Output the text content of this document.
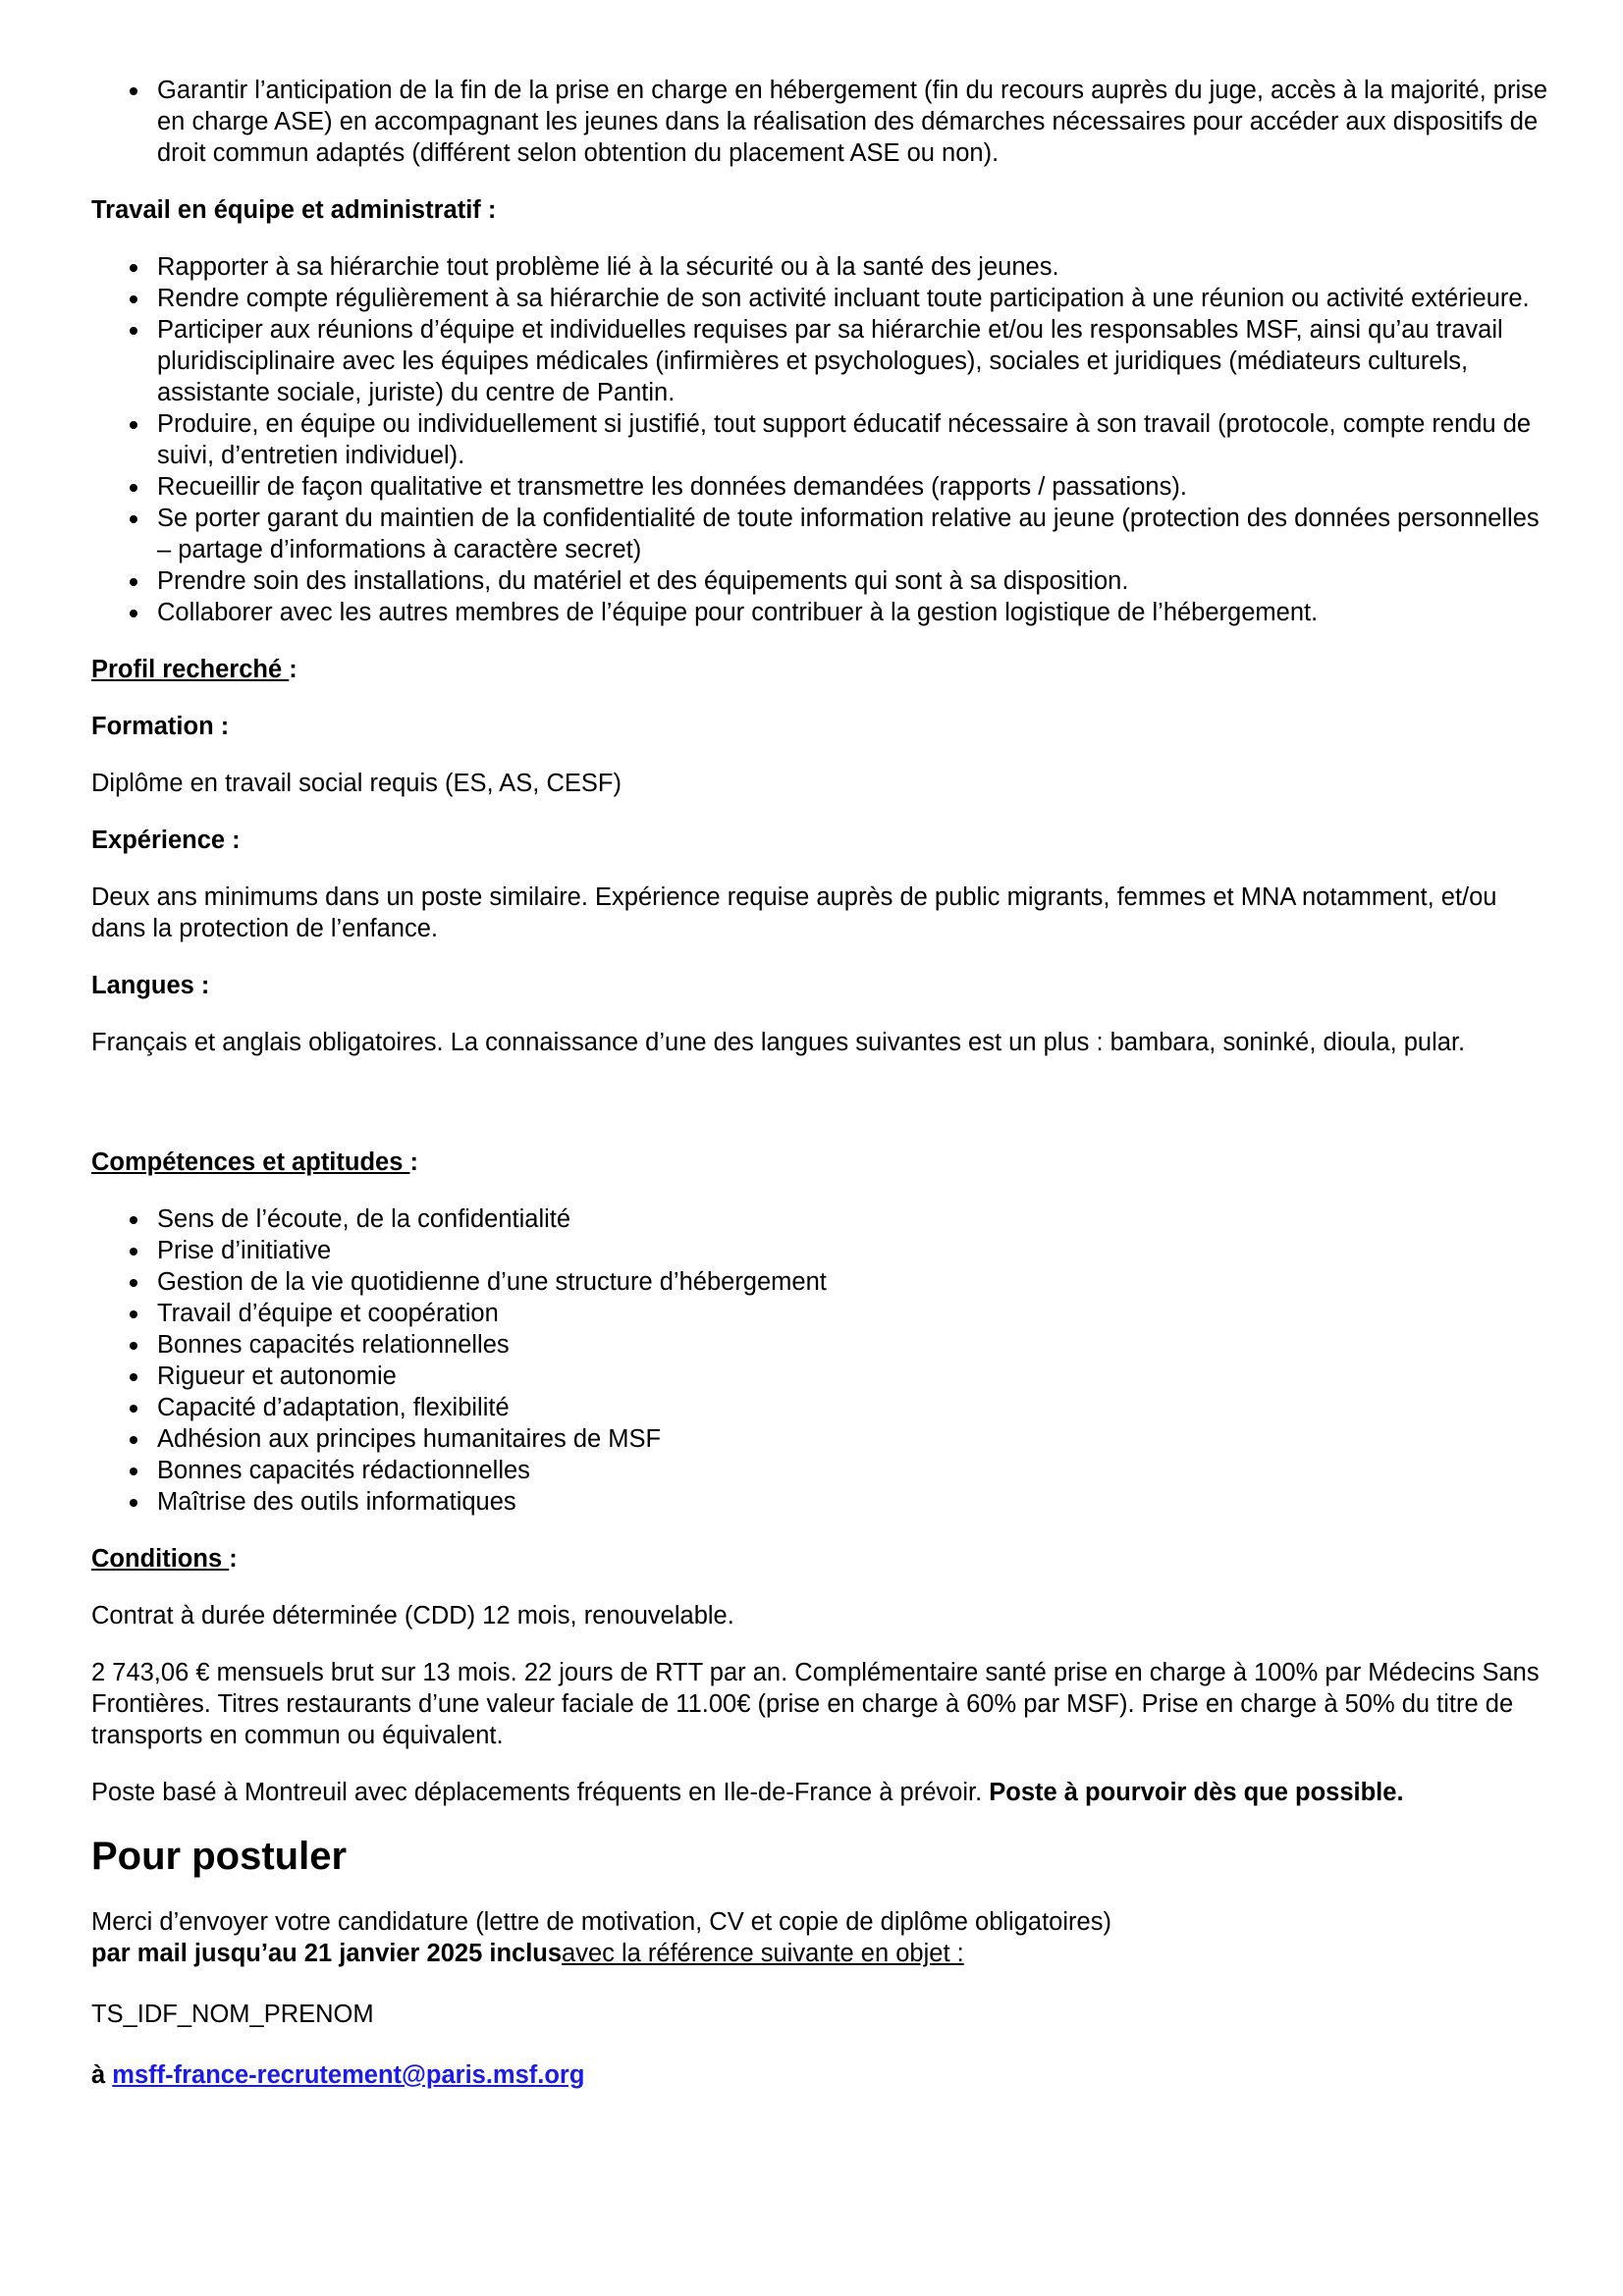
Garantir l’anticipation de la fin de la prise en charge en hébergement (fin du recours auprès du juge, accès à la majorité, prise en charge ASE) en accompagnant les jeunes dans la réalisation des démarches nécessaires pour accéder aux dispositifs de droit commun adaptés (différent selon obtention du placement ASE ou non).

Travail en équipe et administratif :

Rapporter à sa hiérarchie tout problème lié à la sécurité ou à la santé des jeunes.
Rendre compte régulièrement à sa hiérarchie de son activité incluant toute participation à une réunion ou activité extérieure.
Participer aux réunions d’équipe et individuelles requises par sa hiérarchie et/ou les responsables MSF, ainsi qu’au travail pluridisciplinaire avec les équipes médicales (infirmières et psychologues), sociales et juridiques (médiateurs culturels, assistante sociale, juriste) du centre de Pantin.
Produire, en équipe ou individuellement si justifié, tout support éducatif nécessaire à son travail (protocole, compte rendu de suivi, d’entretien individuel).
Recueillir de façon qualitative et transmettre les données demandées (rapports / passations).
Se porter garant du maintien de la confidentialité de toute information relative au jeune (protection des données personnelles – partage d’informations à caractère secret)
Prendre soin des installations, du matériel et des équipements qui sont à sa disposition.
Collaborer avec les autres membres de l’équipe pour contribuer à la gestion logistique de l’hébergement.

Profil recherché :

Formation :

Diplôme en travail social requis (ES, AS, CESF)

Expérience :

Deux ans minimums dans un poste similaire. Expérience requise auprès de public migrants, femmes et MNA notamment, et/ou dans la protection de l’enfance.

Langues :

Français et anglais obligatoires. La connaissance d’une des langues suivantes est un plus : bambara, soninké, dioula, pular.

Compétences et aptitudes :

Sens de l’écoute, de la confidentialité
Prise d’initiative
Gestion de la vie quotidienne d’une structure d’hébergement
Travail d’équipe et coopération
Bonnes capacités relationnelles
Rigueur et autonomie
Capacité d’adaptation, flexibilité
Adhésion aux principes humanitaires de MSF
Bonnes capacités rédactionnelles
Maîtrise des outils informatiques

Conditions :

Contrat à durée déterminée (CDD) 12 mois, renouvelable.

2 743,06 € mensuels brut sur 13 mois. 22 jours de RTT par an. Complémentaire santé prise en charge à 100% par Médecins Sans Frontières. Titres restaurants d’une valeur faciale de 11.00€ (prise en charge à 60% par MSF). Prise en charge à 50% du titre de transports en commun ou équivalent.

Poste basé à Montreuil avec déplacements fréquents en Ile-de-France à prévoir. Poste à pourvoir dès que possible.

Pour postuler

Merci d’envoyer votre candidature (lettre de motivation, CV et copie de diplôme obligatoires)
par mail jusqu’au 21 janvier 2025 inclusavec la référence suivante en objet :

TS_IDF_NOM_PRENOM

à msff-france-recrutement@paris.msf.org
